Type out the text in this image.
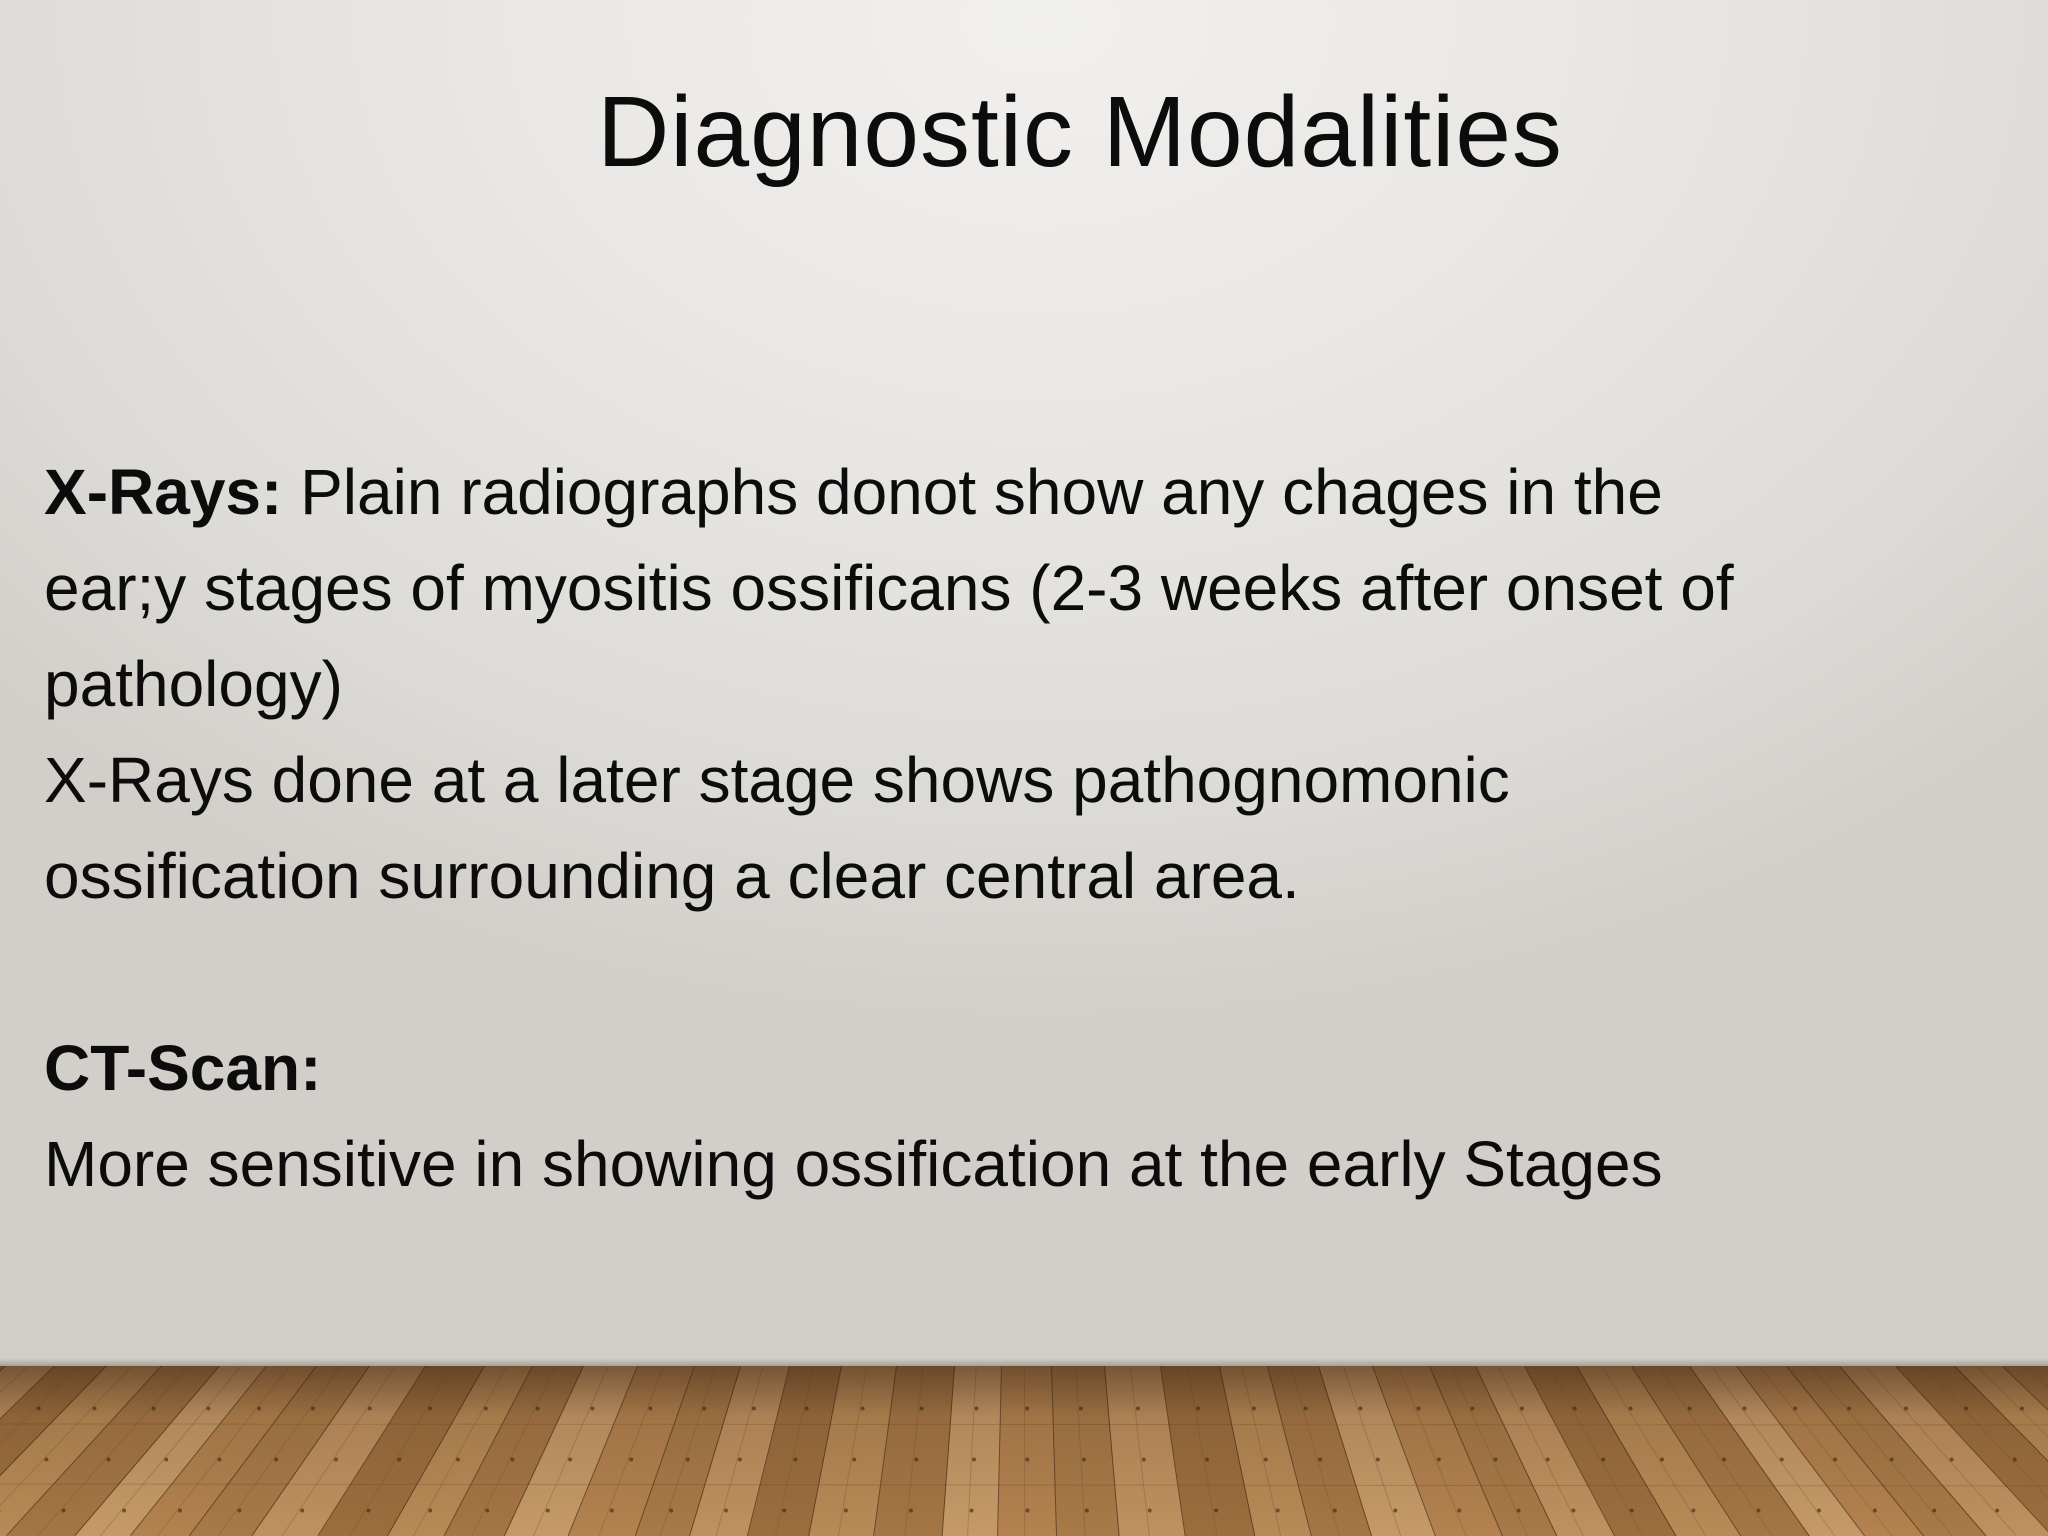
Diagnostic Modalities
X-Rays: Plain radiographs donot show any chages in the
ear;y stages of myositis ossificans (2-3 weeks after onset of
pathology)
X-Rays done at a later stage shows pathognomonic
ossification surrounding a clear central area.
CT-Scan:
More sensitive in showing ossification at the early Stages
